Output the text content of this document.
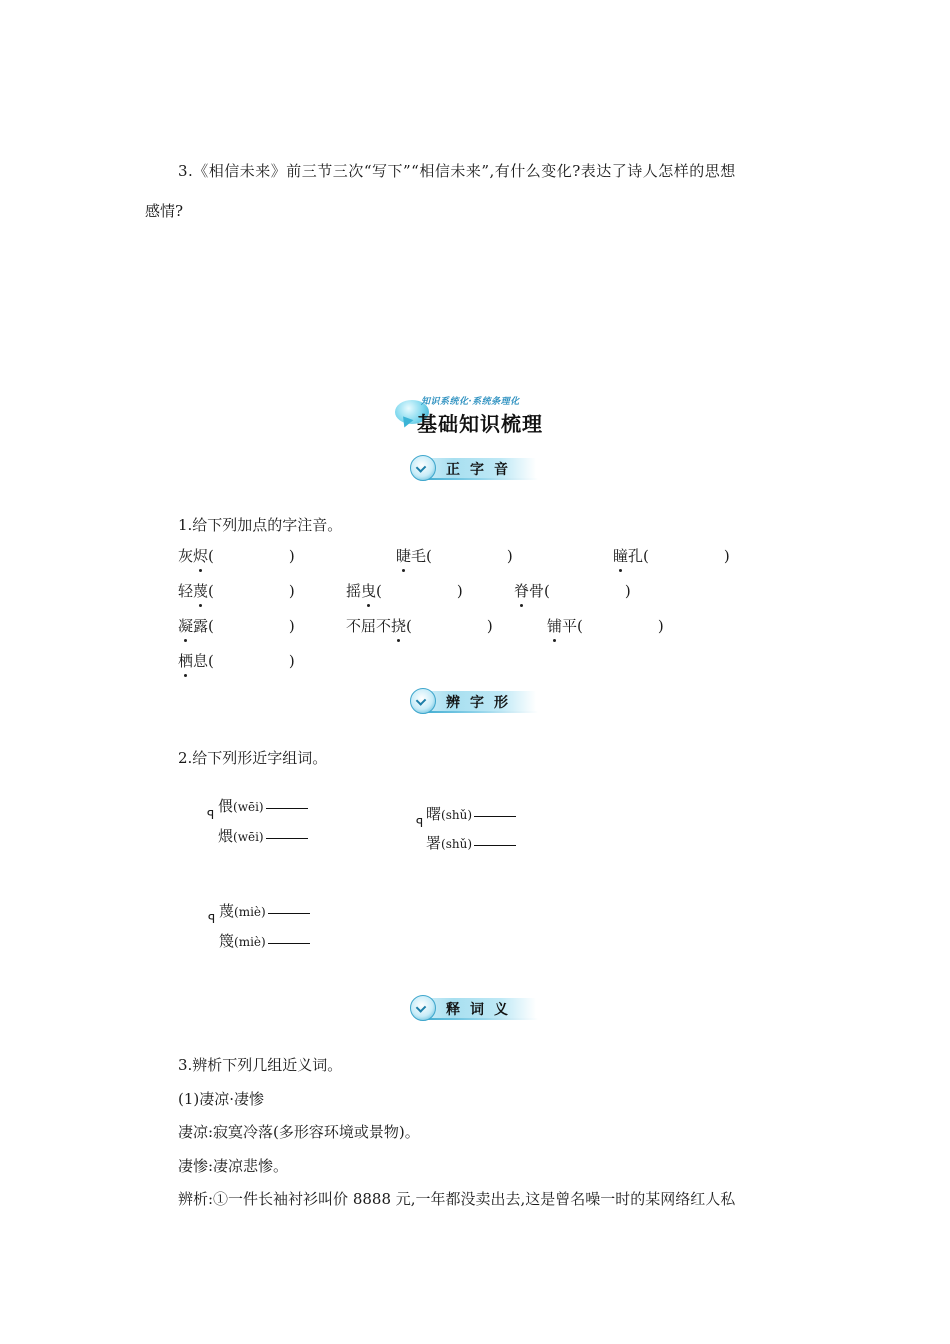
3.《相信未来》前三节三次“写下”“相信未来”,有什么变化?表达了诗人怎样的思想
感情?
知识系统化·系统条理化
基础知识梳理
正字音
1.给下列加点的字注音。
灰烬(　　　　　)	睫毛(　　　　　)	瞳孔(　　　　　)
轻蔑(　　　　　)	摇曳(　　　　　)	脊骨(　　　　　)
凝露(　　　　　)	不屈不挠(　　　　　)	铺平(　　　　　)
栖息(　　　　　)
辨字形
2.给下列形近字组词。
ꟼ 偎(wēi)
煨(wēi)
ꟼ 曙(shǔ)
署(shǔ)
ꟼ 蔑(miè)
篾(miè)
释词义
3.辨析下列几组近义词。
(1)凄凉·凄惨
凄凉:寂寞冷落(多形容环境或景物)。
凄惨:凄凉悲惨。
辨析:①一件长袖衬衫叫价 8888 元,一年都没卖出去,这是曾名噪一时的某网络红人私
